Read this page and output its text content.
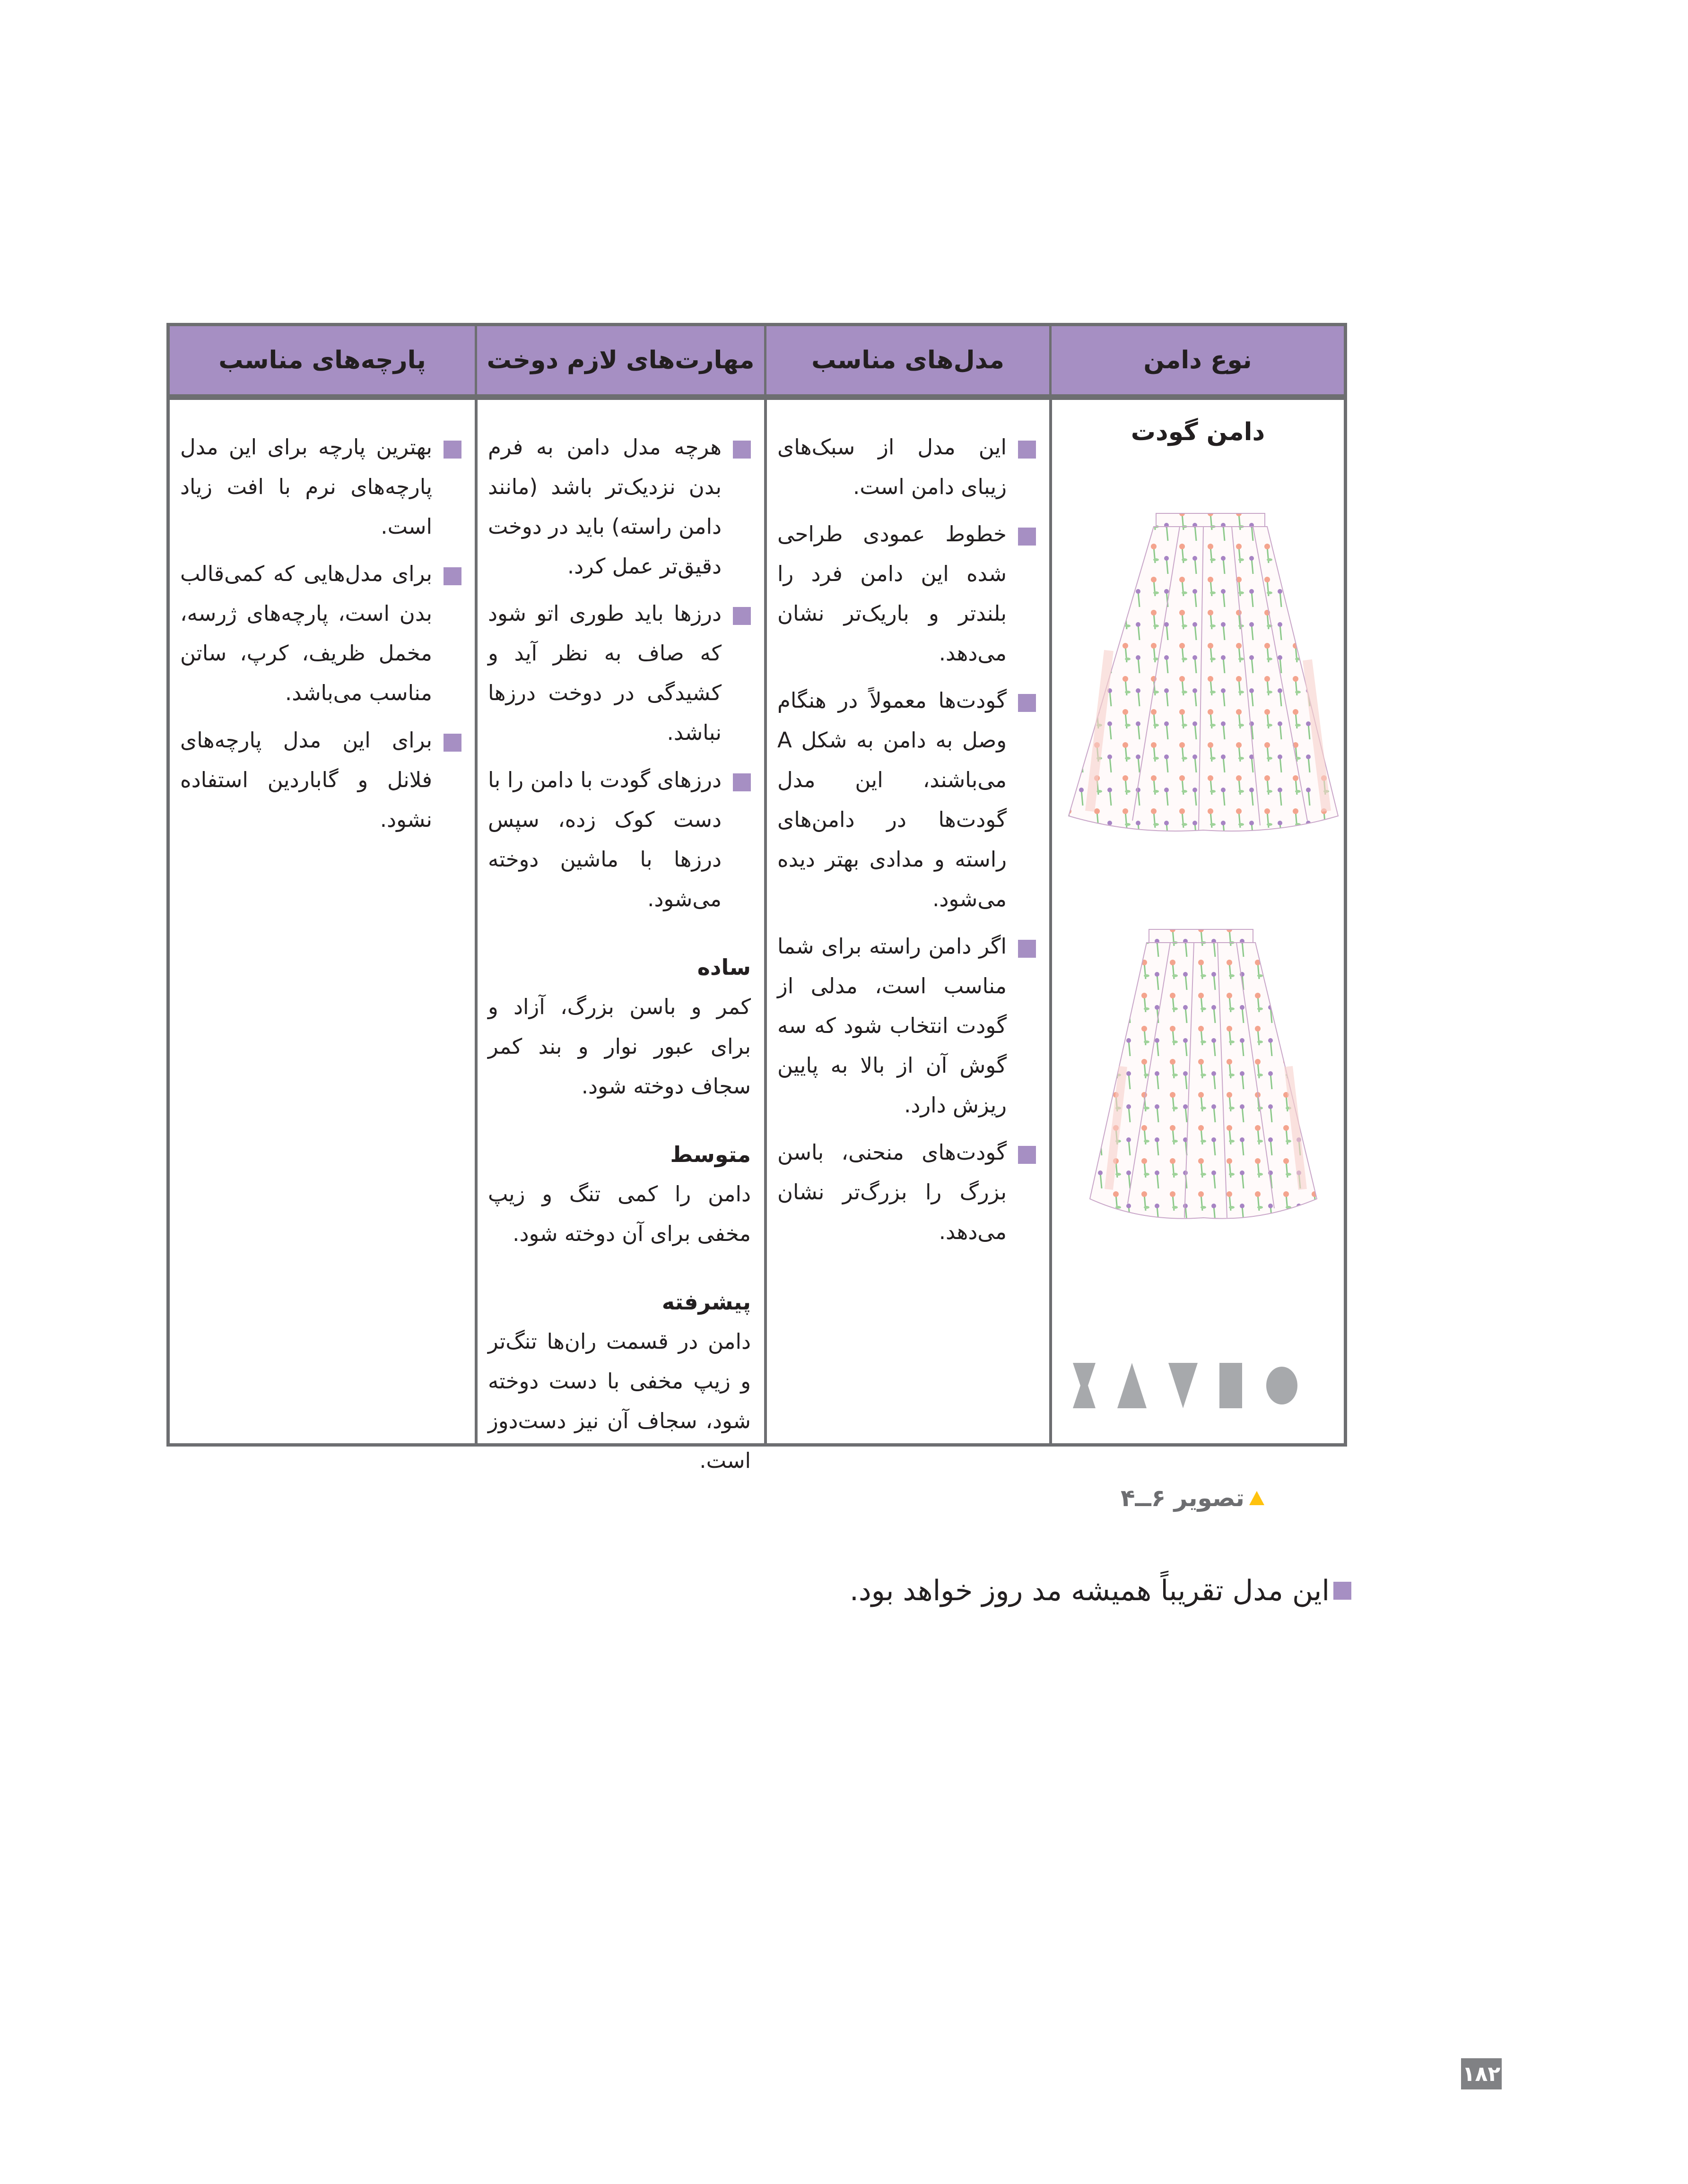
نوع دامن
مدل‌های مناسب
مهارت‌های لازم دوخت
پارچه‌های مناسب
دامن گودت
این مدل از سبک‌های زیبای دامن است.
خطوط عمودی طراحی شده این دامن فرد را بلندتر و باریک‌تر نشان می‌دهد.
گودت‌ها معمولاً در هنگام وصل به دامن به شکل A می‌باشند، این مدل گودت‌ها در دامن‌های راسته و مدادی بهتر دیده می‌شود.
اگر دامن راسته برای شما مناسب است، مدلی از گودت انتخاب شود که سه گوش آن از بالا به پایین ریزش دارد.
گودت‌های منحنی، باسن بزرگ را بزرگ‌تر نشان می‌دهد.
هرچه مدل دامن به فرم بدن نزدیک‌تر باشد (مانند دامن راسته) باید در دوخت دقیق‌تر عمل کرد.
درزها باید طوری اتو شود که صاف به نظر آید و کشیدگی در دوخت درزها نباشد.
درزهای گودت با دامن را با دست کوک زده، سپس درزها با ماشین دوخته می‌شود.
ساده
کمر و باسن بزرگ، آزاد و برای عبور نوار و بند کمر سجاف دوخته شود.
متوسط
دامن را کمی تنگ و زیپ مخفی برای آن دوخته شود.
پیشرفته
دامن در قسمت ران‌ها تنگ‌تر و زیپ مخفی با دست دوخته شود، سجاف آن نیز دست‌دوز است.
بهترین پارچه برای این مدل پارچه‌های نرم با افت زیاد است.
برای مدل‌هایی که کمی‌قالب بدن است، پارچه‌های ژرسه، مخمل ظریف، کرپ، ساتن مناسب می‌باشد.
برای این مدل پارچه‌های فلانل و گاباردین استفاده نشود.
تصویر ۶ــ۴
این مدل تقریباً همیشه مد روز خواهد بود.
۱۸۲
